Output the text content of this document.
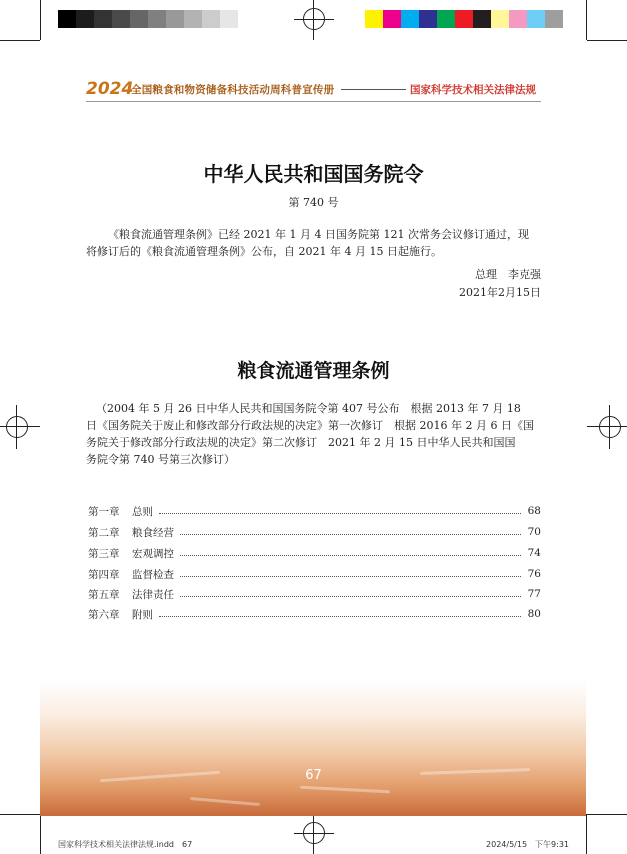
2024
全国粮食和物资储备科技活动周科普宣传册	国家科学技术相关法律法规
中华人民共和国国务院令
第 740 号
《粮食流通管理条例》已经 2021 年 1 月 4 日国务院第 121 次常务会议修订通过，现
将修订后的《粮食流通管理条例》公布，自 2021 年 4 月 15 日起施行。
总理　李克强
2021年2月15日
粮食流通管理条例
（2004 年 5 月 26 日中华人民共和国国务院令第 407 号公布　根据 2013 年 7 月 18
日《国务院关于废止和修改部分行政法规的决定》第一次修订　根据 2016 年 2 月 6 日《国
务院关于修改部分行政法规的决定》第二次修订　2021 年 2 月 15 日中华人民共和国国
务院令第 740 号第三次修订）
第一章	总则	68
第二章	粮食经营	70
第三章	宏观调控	74
第四章	监督检查	76
第五章	法律责任	77
第六章	附则	80
67
国家科学技术相关法律法规.indd　67	2024/5/15　下午9:31
